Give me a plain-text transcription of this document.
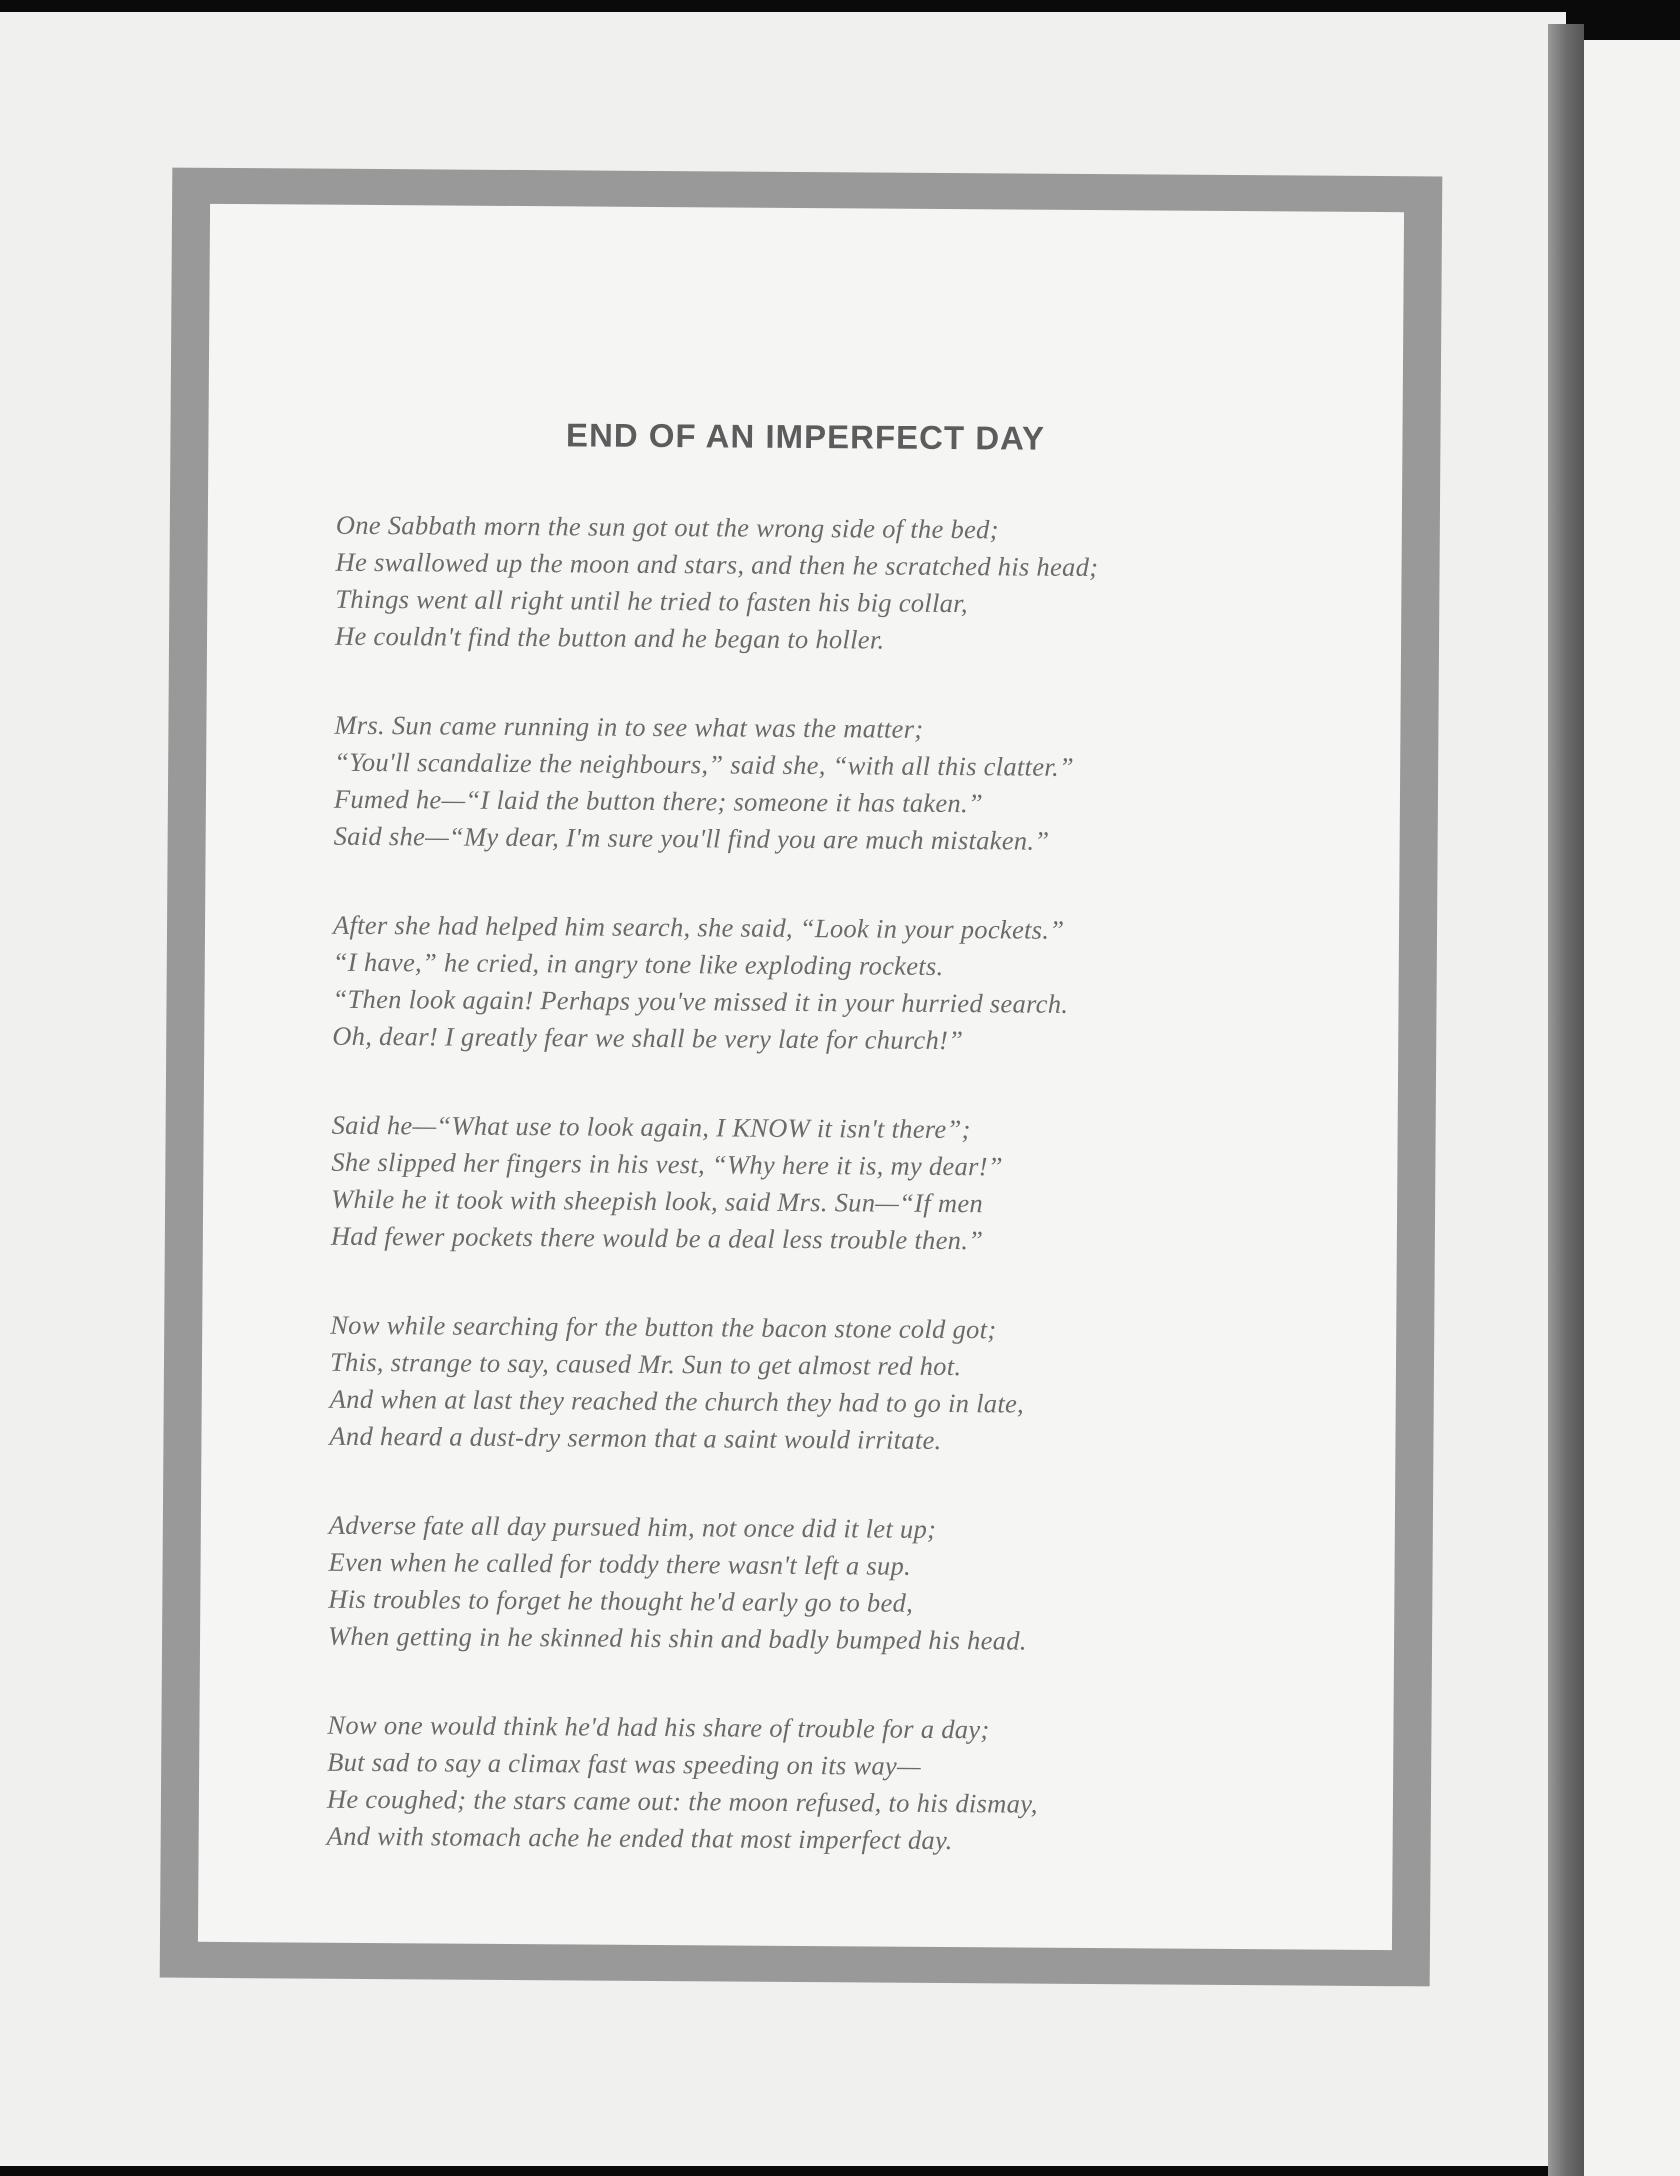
END OF AN IMPERFECT DAY
One Sabbath morn the sun got out the wrong side of the bed;
He swallowed up the moon and stars, and then he scratched his head;
Things went all right until he tried to fasten his big collar,
He couldn't find the button and he began to holler.
Mrs. Sun came running in to see what was the matter;
“You'll scandalize the neighbours,” said she, “with all this clatter.”
Fumed he—“I laid the button there; someone it has taken.”
Said she—“My dear, I'm sure you'll find you are much mistaken.”
After she had helped him search, she said, “Look in your pockets.”
“I have,” he cried, in angry tone like exploding rockets.
“Then look again! Perhaps you've missed it in your hurried search.
Oh, dear! I greatly fear we shall be very late for church!”
Said he—“What use to look again, I KNOW it isn't there”;
She slipped her fingers in his vest, “Why here it is, my dear!”
While he it took with sheepish look, said Mrs. Sun—“If men
Had fewer pockets there would be a deal less trouble then.”
Now while searching for the button the bacon stone cold got;
This, strange to say, caused Mr. Sun to get almost red hot.
And when at last they reached the church they had to go in late,
And heard a dust-dry sermon that a saint would irritate.
Adverse fate all day pursued him, not once did it let up;
Even when he called for toddy there wasn't left a sup.
His troubles to forget he thought he'd early go to bed,
When getting in he skinned his shin and badly bumped his head.
Now one would think he'd had his share of trouble for a day;
But sad to say a climax fast was speeding on its way—
He coughed; the stars came out: the moon refused, to his dismay,
And with stomach ache he ended that most imperfect day.
